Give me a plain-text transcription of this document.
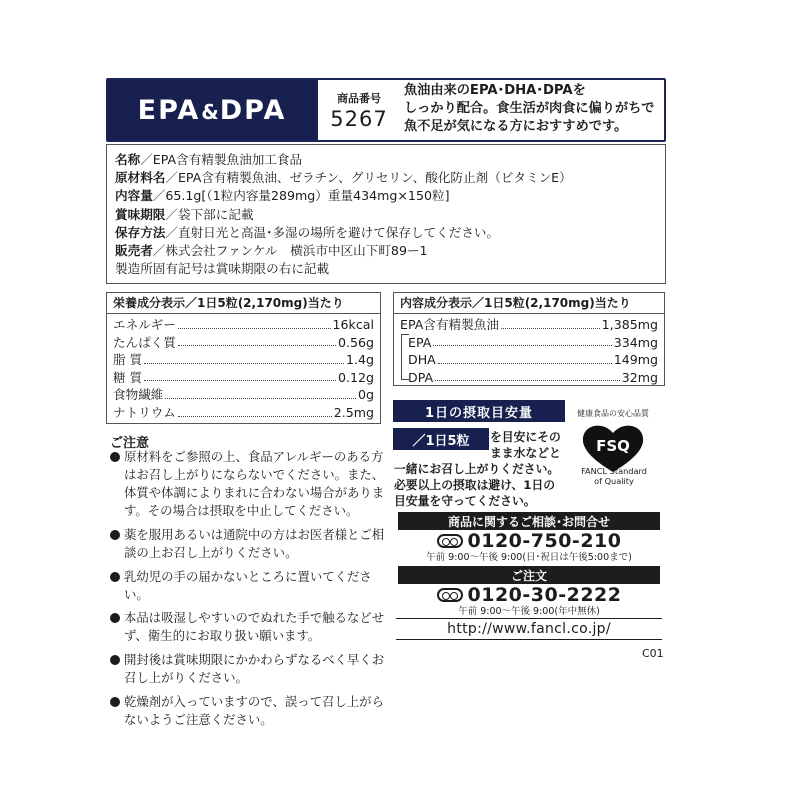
EPA & DPA	商品番号
5267
魚油由来のEPA･DHA･DPAを
しっかり配合。食生活が肉食に偏りがちで
魚不足が気になる方におすすめです。
名称／EPA含有精製魚油加工食品
原材料名／EPA含有精製魚油、ゼラチン、グリセリン、酸化防止剤（ビタミンE）
内容量／65.1g[（1粒内容量289mg）重量434mg×150粒]
賞味期限／袋下部に記載
保存方法／直射日光と高温･多湿の場所を避けて保存してください。
販売者／株式会社ファンケル　横浜市中区山下町89ー1
製造所固有記号は賞味期限の右に記載
栄養成分表示／1日5粒(2,170mg)当たり
エネルギー	16kcal
たんぱく質	0.56g
脂 質	1.4g
糖 質	0.12g
食物繊維	0g
ナトリウム	2.5mg
内容成分表示／1日5粒(2,170mg)当たり
EPA含有精製魚油	1,385mg
EPA	334mg
DHA	149mg
DPA	32mg
1日の摂取目安量
を目安にその
まま水などと
一緒にお召し上がりください。
必要以上の摂取は避け、1日の
目安量を守ってください。
／1日5粒
健康食品の安心品質
FSQ
FANCL Standard
of Quality
ご注意
原材料をご参照の上、食品アレルギーのある方はお召し上がりにならないでください。また、体質や体調によりまれに合わない場合があります。その場合は摂取を中止してください。
薬を服用あるいは通院中の方はお医者様とご相談の上お召し上がりください。
乳幼児の手の届かないところに置いてください。
本品は吸湿しやすいのでぬれた手で触るなどせず、衛生的にお取り扱い願います。
開封後は賞味期限にかかわらずなるべく早くお召し上がりください。
乾燥剤が入っていますので、誤って召し上がらないようご注意ください。
商品に関するご相談･お問合せ
0120-750-210
午前 9:00～午後 9:00(日･祝日は午後5:00まで)
ご注文
0120-30-2222
午前 9:00～午後 9:00(年中無休)
http://www.fancl.co.jp/
C01
